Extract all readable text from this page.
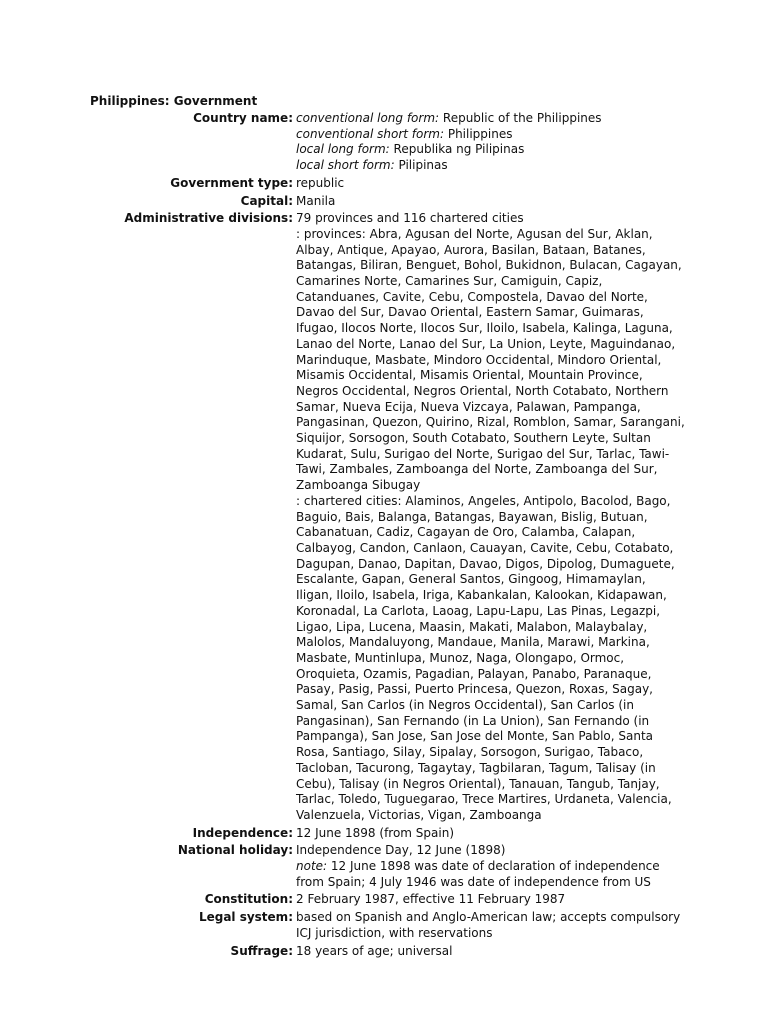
Philippines: Government
Country name: conventional long form: Republic of the Philippines
conventional short form: Philippines
local long form: Republika ng Pilipinas
local short form: Pilipinas
Government type: republic
Capital: Manila
Administrative divisions: 79 provinces and 116 chartered cities
: provinces: Abra, Agusan del Norte, Agusan del Sur, Aklan, Albay, Antique, Apayao, Aurora, Basilan, Bataan, Batanes, Batangas, Biliran, Benguet, Bohol, Bukidnon, Bulacan, Cagayan, Camarines Norte, Camarines Sur, Camiguin, Capiz, Catanduanes, Cavite, Cebu, Compostela, Davao del Norte, Davao del Sur, Davao Oriental, Eastern Samar, Guimaras, Ifugao, Ilocos Norte, Ilocos Sur, Iloilo, Isabela, Kalinga, Laguna, Lanao del Norte, Lanao del Sur, La Union, Leyte, Maguindanao, Marinduque, Masbate, Mindoro Occidental, Mindoro Oriental, Misamis Occidental, Misamis Oriental, Mountain Province, Negros Occidental, Negros Oriental, North Cotabato, Northern Samar, Nueva Ecija, Nueva Vizcaya, Palawan, Pampanga, Pangasinan, Quezon, Quirino, Rizal, Romblon, Samar, Sarangani, Siquijor, Sorsogon, South Cotabato, Southern Leyte, Sultan Kudarat, Sulu, Surigao del Norte, Surigao del Sur, Tarlac, Tawi-Tawi, Zambales, Zamboanga del Norte, Zamboanga del Sur, Zamboanga Sibugay
: chartered cities: Alaminos, Angeles, Antipolo, Bacolod, Bago, Baguio, Bais, Balanga, Batangas, Bayawan, Bislig, Butuan, Cabanatuan, Cadiz, Cagayan de Oro, Calamba, Calapan, Calbayog, Candon, Canlaon, Cauayan, Cavite, Cebu, Cotabato, Dagupan, Danao, Dapitan, Davao, Digos, Dipolog, Dumaguete, Escalante, Gapan, General Santos, Gingoog, Himamaylan, Iligan, Iloilo, Isabela, Iriga, Kabankalan, Kalookan, Kidapawan, Koronadal, La Carlota, Laoag, Lapu-Lapu, Las Pinas, Legazpi, Ligao, Lipa, Lucena, Maasin, Makati, Malabon, Malaybalay, Malolos, Mandaluyong, Mandaue, Manila, Marawi, Markina, Masbate, Muntinlupa, Munoz, Naga, Olongapo, Ormoc, Oroquieta, Ozamis, Pagadian, Palayan, Panabo, Paranaque, Pasay, Pasig, Passi, Puerto Princesa, Quezon, Roxas, Sagay, Samal, San Carlos (in Negros Occidental), San Carlos (in Pangasinan), San Fernando (in La Union), San Fernando (in Pampanga), San Jose, San Jose del Monte, San Pablo, Santa Rosa, Santiago, Silay, Sipalay, Sorsogon, Surigao, Tabaco, Tacloban, Tacurong, Tagaytay, Tagbilaran, Tagum, Talisay (in Cebu), Talisay (in Negros Oriental), Tanauan, Tangub, Tanjay, Tarlac, Toledo, Tuguegarao, Trece Martires, Urdaneta, Valencia, Valenzuela, Victorias, Vigan, Zamboanga
Independence: 12 June 1898 (from Spain)
National holiday: Independence Day, 12 June (1898)
note: 12 June 1898 was date of declaration of independence from Spain; 4 July 1946 was date of independence from US
Constitution: 2 February 1987, effective 11 February 1987
Legal system: based on Spanish and Anglo-American law; accepts compulsory ICJ jurisdiction, with reservations
Suffrage: 18 years of age; universal
